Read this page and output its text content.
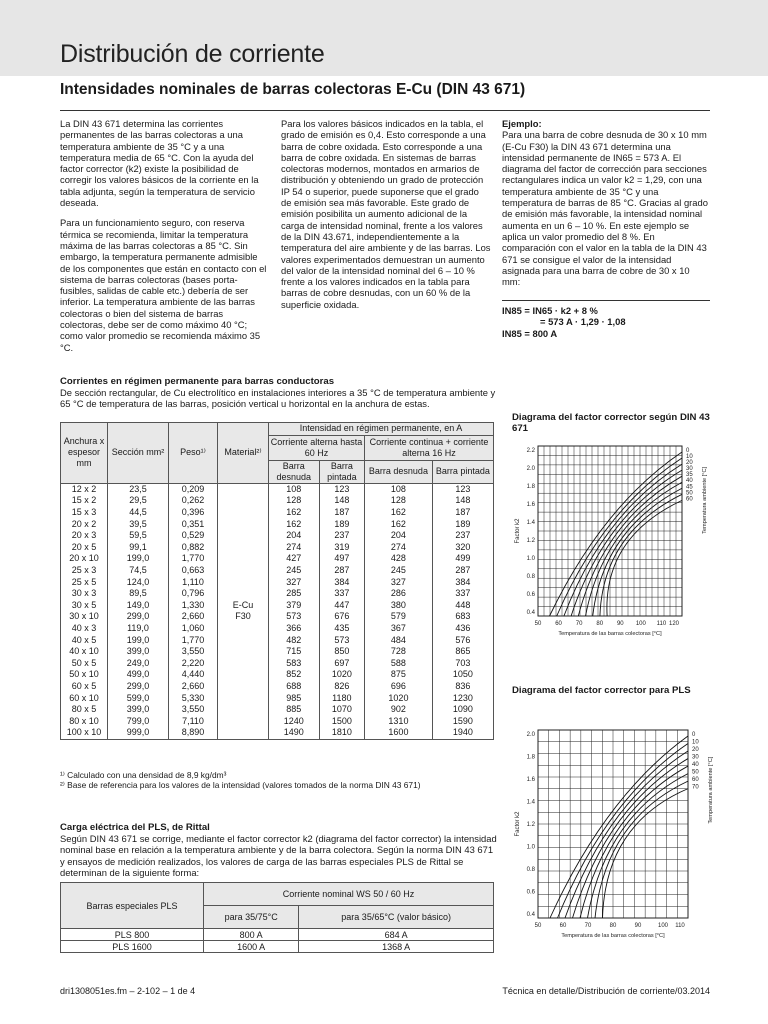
Distribución de corriente
Intensidades nominales de barras colectoras E-Cu (DIN 43 671)

La DIN 43 671 determina las corrientes permanentes de las barras colectoras a una temperatura ambiente de 35 °C y a una temperatura media de 65 °C. Con la ayuda del factor corrector (k2) existe la posibilidad de corregir los valores básicos de la corriente en la tabla adjunta, según la temperatura de servicio deseada.

Para un funcionamiento seguro, con reserva térmica se recomienda, limitar la temperatura máxima de las barras colectoras a 85 °C. Sin embargo, la temperatura permanente admisible de los componentes que están en contacto con el sistema de barras colectoras (bases porta-fusibles, salidas de cable etc.) debería de ser inferior. La temperatura ambiente de las barras colectoras o bien del sistema de barras colectoras, debe ser de como máximo 40 °C; como valor promedio se recomienda máximo 35 °C.

Para los valores básicos indicados en la tabla, el grado de emisión es 0,4. Esto corresponde a una barra de cobre oxidada. Esto corresponde a una barra de cobre oxidada. En sistemas de barras colectoras modernos, montados en armarios de distribución y obteniendo un grado de protección IP 54 o superior, puede suponerse que el grado de emisión sea más favorable. Este grado de emisión posibilita un aumento adicional de la carga de intensidad nominal, frente a los valores de la DIN 43.671, independientemente a la temperatura del aire ambiente y de las barras. Los valores experimentados demuestran un aumento del valor de la intensidad nominal del 6 – 10 % frente a los valores indicados en la tabla para barras de cobre desnudas, con un 60 % de la superficie oxidada.

Ejemplo:

Para una barra de cobre desnuda de 30 x 10 mm (E-Cu F30) la DIN 43 671 determina una intensidad permanente de IN65 = 573 A. El diagrama del factor de corrección para secciones rectangulares indica un valor k2 = 1,29, con una temperatura ambiente de 35 °C y una temperatura de barras de 85 °C. Gracias al grado de emisión más favorable, la intensidad nominal aumenta en un 6 – 10 %. En este ejemplo se aplica un valor promedio del 8 %. En comparación con el valor en la tabla de la DIN 43 671 se consigue el valor de la intensidad asignada para una barra de cobre de 30 x 10 mm:

IN85 = IN65 · k2 + 8 %
= 573 A · 1,29 · 1,08
IN85 = 800 A
Corrientes en régimen permanente para barras conductoras
De sección rectangular, de Cu electrolítico en instalaciones interiores a 35 °C de temperatura ambiente y 65 °C de temperatura de las barras, posición vertical u horizontal en la anchura de estas.
Anchura x espesor mm	Sección mm²	Peso¹⁾	Material²⁾	Intensidad en régimen permanente, en A			
				Corriente alterna hasta 60 Hz		Corriente continua + corriente alterna 16 Hz	
				Barra desnuda	Barra pintada	Barra desnuda	Barra pintada
12 x 2	23,5	0,209	E-Cu F30	108	123	108	123
15 x 2	29,5	0,262		128	148	128	148
15 x 3	44,5	0,396		162	187	162	187
20 x 2	39,5	0,351		162	189	162	189
20 x 3	59,5	0,529		204	237	204	237
20 x 5	99,1	0,882		274	319	274	320
20 x 10	199,0	1,770		427	497	428	499
25 x 3	74,5	0,663		245	287	245	287
25 x 5	124,0	1,110		327	384	327	384
30 x 3	89,5	0,796		285	337	286	337
30 x 5	149,0	1,330		379	447	380	448
30 x 10	299,0	2,660		573	676	579	683
40 x 3	119,0	1,060		366	435	367	436
40 x 5	199,0	1,770		482	573	484	576
40 x 10	399,0	3,550		715	850	728	865
50 x 5	249,0	2,220		583	697	588	703
50 x 10	499,0	4,440		852	1020	875	1050
60 x 5	299,0	2,660		688	826	696	836
60 x 10	599,0	5,330		985	1180	1020	1230
80 x 5	399,0	3,550		885	1070	902	1090
80 x 10	799,0	7,110		1240	1500	1310	1590
100 x 10	999,0	8,890		1490	1810	1600	1940
¹⁾ Calculado con una densidad de 8,9 kg/dm³
²⁾ Base de referencia para los valores de la intensidad (valores tomados de la norma DIN 43 671)
Carga eléctrica del PLS, de Rittal
Según DIN 43 671 se corrige, mediante el factor corrector k2 (diagrama del factor corrector) la intensidad nominal base en relación a la temperatura ambiente y de la barra colectora. Según la norma DIN 43 671 y ensayos de medición realizados, los valores de carga de las barras especiales PLS de Rittal se determinan de la siguiente forma:
Barras especiales PLS	Corriente nominal WS 50 / 60 Hz	
	para 35/75°C	para 35/65°C (valor básico)
PLS 800	800 A	684 A
PLS 1600	1600 A	1368 A
Diagrama del factor corrector según DIN 43 671
0.4
0.6
0.8
1.0
1.2
1.4
1.6
1.8
2.0
2.2	0
10
20
30
35
40
45
50
60
50 60 70 80 90 100 110 120
Temperatura de las barras colectoras [°C]
Factor k2	Temperatura ambiente [°C]
Diagrama del factor corrector para PLS
0.4
0.6
0.8
1.0
1.2
1.4
1.6
1.8
2.0	0
10
20
30
40
50
60
70
50	60	70	80	90	100 110
Temperatura de las barras colectoras [°C]
Factor k2
Temperatura ambiente [°C]
dri1308051es.fm – 2-102 – 1 de 4	Técnica en detalle/Distribución de corriente/03.2014
